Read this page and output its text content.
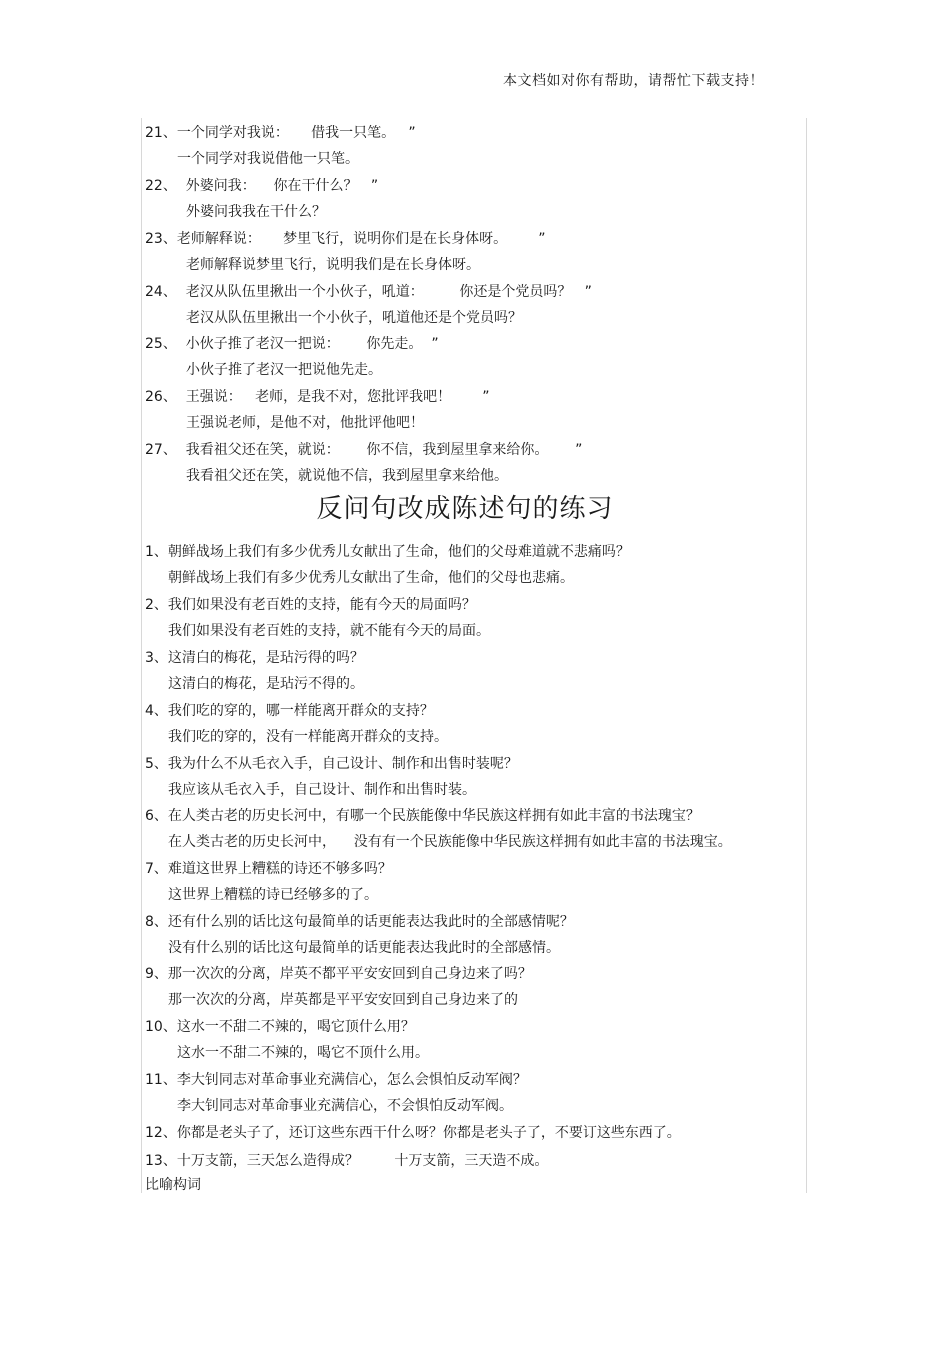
本文档如对你有帮助，请帮忙下载支持！
21、一个同学对我说：     借我一只笔。   ”
一个同学对我说借他一只笔。
22、  外婆问我：    你在干什么？   ”
外婆问我我在干什么？
23、老师解释说：     梦里飞行，说明你们是在长身体呀。       ”
老师解释说梦里飞行，说明我们是在长身体呀。
24、  老汉从队伍里揪出一个小伙子，吼道：        你还是个党员吗？   ”
老汉从队伍里揪出一个小伙子，吼道他还是个党员吗？
25、  小伙子推了老汉一把说：      你先走。  ”
小伙子推了老汉一把说他先走。
26、  王强说：   老师，是我不对，您批评我吧！       ”
王强说老师，是他不对，他批评他吧！
27、  我看祖父还在笑，就说：      你不信，我到屋里拿来给你。      ”
我看祖父还在笑，就说他不信，我到屋里拿来给他。
反问句改成陈述句的练习
1、朝鲜战场上我们有多少优秀儿女献出了生命，他们的父母难道就不悲痛吗？
朝鲜战场上我们有多少优秀儿女献出了生命，他们的父母也悲痛。
2、我们如果没有老百姓的支持，能有今天的局面吗？
我们如果没有老百姓的支持，就不能有今天的局面。
3、这清白的梅花，是玷污得的吗？
这清白的梅花，是玷污不得的。
4、我们吃的穿的，哪一样能离开群众的支持？
我们吃的穿的，没有一样能离开群众的支持。
5、我为什么不从毛衣入手，自己设计、制作和出售时装呢？
我应该从毛衣入手，自己设计、制作和出售时装。
6、在人类古老的历史长河中，有哪一个民族能像中华民族这样拥有如此丰富的书法瑰宝？
在人类古老的历史长河中，    没有有一个民族能像中华民族这样拥有如此丰富的书法瑰宝。
7、难道这世界上糟糕的诗还不够多吗？
这世界上糟糕的诗已经够多的了。
8、还有什么别的话比这句最简单的话更能表达我此时的全部感情呢？
没有什么别的话比这句最简单的话更能表达我此时的全部感情。
9、那一次次的分离，岸英不都平平安安回到自己身边来了吗？
那一次次的分离，岸英都是平平安安回到自己身边来了的
10、这水一不甜二不辣的，喝它顶什么用？
这水一不甜二不辣的，喝它不顶什么用。
11、李大钊同志对革命事业充满信心，怎么会惧怕反动军阀？
李大钊同志对革命事业充满信心，不会惧怕反动军阀。
12、你都是老头子了，还订这些东西干什么呀？你都是老头子了，不要订这些东西了。
13、十万支箭，三天怎么造得成？        十万支箭，三天造不成。
比喻构词
